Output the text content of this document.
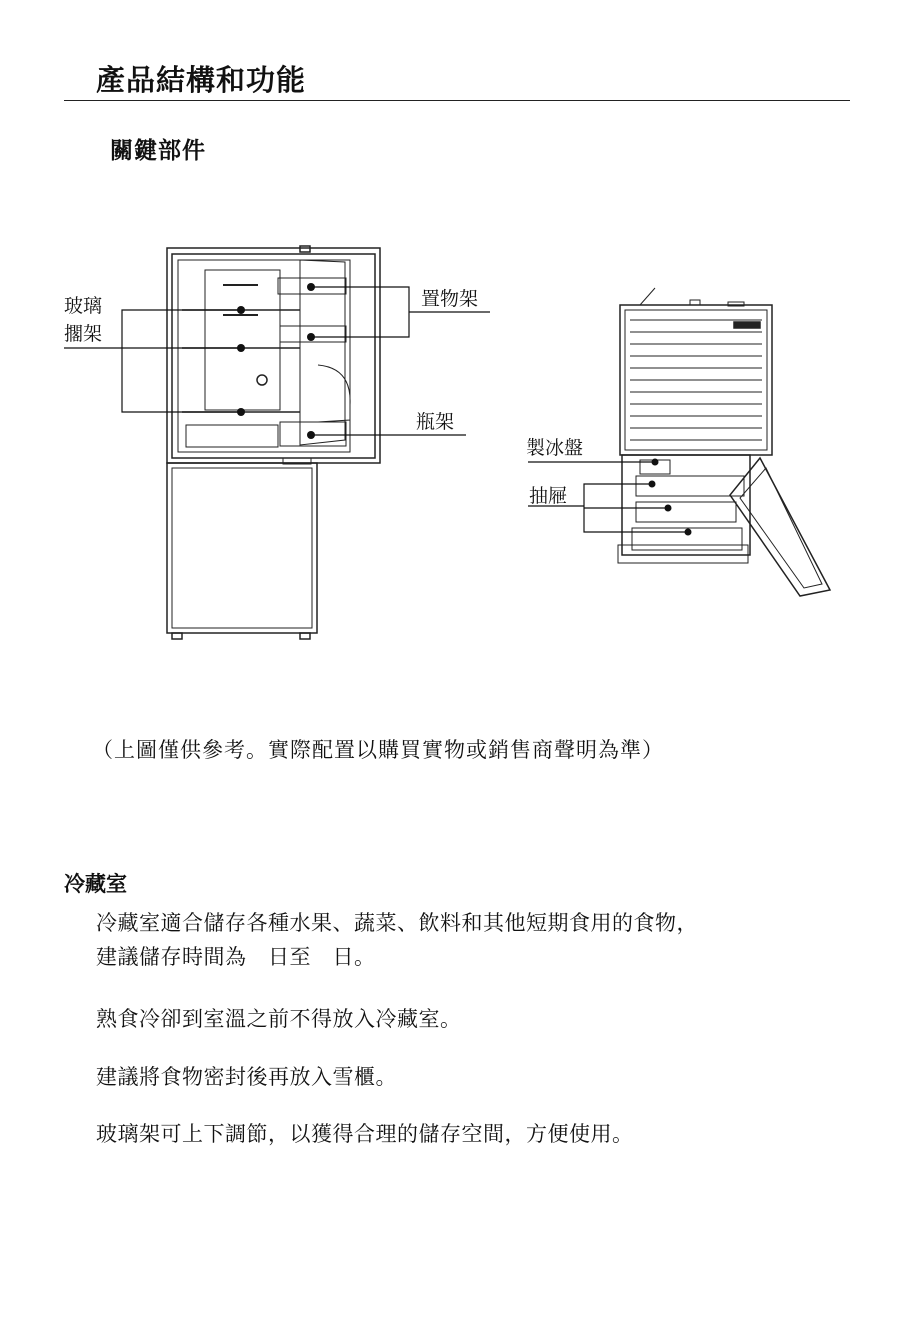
產品結構和功能
關鍵部件
玻璃
擱架
置物架
瓶架
製冰盤
抽屜
（上圖僅供參考。實際配置以購買實物或銷售商聲明為準）
冷藏室
冷藏室適合儲存各種水果、蔬菜、飲料和其他短期食用的食物，
建議儲存時間為　日至　日。
熟食冷卻到室溫之前不得放入冷藏室。
建議將食物密封後再放入雪櫃。
玻璃架可上下調節，以獲得合理的儲存空間，方便使用。
